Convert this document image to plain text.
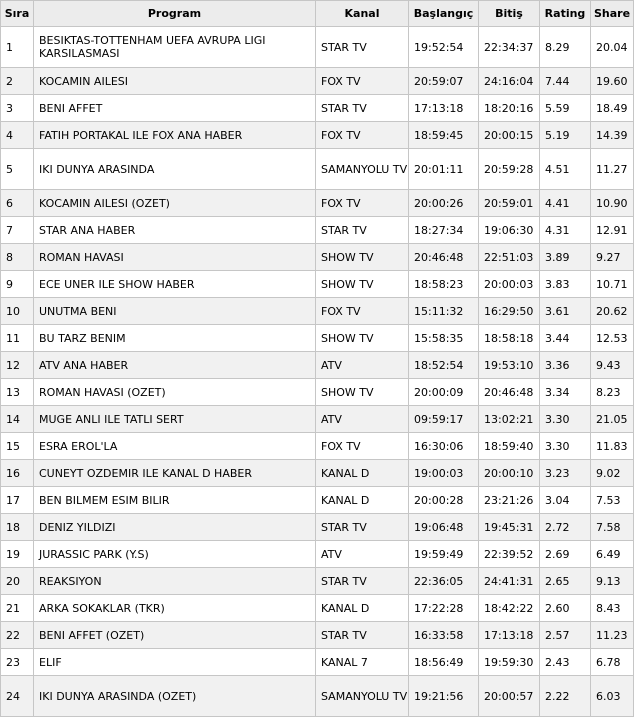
Sıra	Program	Kanal	Başlangıç	Bitiş	Rating	Share
1	BESIKTAS-TOTTENHAM UEFA AVRUPA LIGI KARSILASMASI	STAR TV	19:52:54	22:34:37	8.29	20.04
2	KOCAMIN AILESI	FOX TV	20:59:07	24:16:04	7.44	19.60
3	BENI AFFET	STAR TV	17:13:18	18:20:16	5.59	18.49
4	FATIH PORTAKAL ILE FOX ANA HABER	FOX TV	18:59:45	20:00:15	5.19	14.39
5	IKI DUNYA ARASINDA	SAMANYOLU TV	20:01:11	20:59:28	4.51	11.27
6	KOCAMIN AILESI (OZET)	FOX TV	20:00:26	20:59:01	4.41	10.90
7	STAR ANA HABER	STAR TV	18:27:34	19:06:30	4.31	12.91
8	ROMAN HAVASI	SHOW TV	20:46:48	22:51:03	3.89	9.27
9	ECE UNER ILE SHOW HABER	SHOW TV	18:58:23	20:00:03	3.83	10.71
10	UNUTMA BENI	FOX TV	15:11:32	16:29:50	3.61	20.62
11	BU TARZ BENIM	SHOW TV	15:58:35	18:58:18	3.44	12.53
12	ATV ANA HABER	ATV	18:52:54	19:53:10	3.36	9.43
13	ROMAN HAVASI (OZET)	SHOW TV	20:00:09	20:46:48	3.34	8.23
14	MUGE ANLI ILE TATLI SERT	ATV	09:59:17	13:02:21	3.30	21.05
15	ESRA EROL'LA	FOX TV	16:30:06	18:59:40	3.30	11.83
16	CUNEYT OZDEMIR ILE KANAL D HABER	KANAL D	19:00:03	20:00:10	3.23	9.02
17	BEN BILMEM ESIM BILIR	KANAL D	20:00:28	23:21:26	3.04	7.53
18	DENIZ YILDIZI	STAR TV	19:06:48	19:45:31	2.72	7.58
19	JURASSIC PARK (Y.S)	ATV	19:59:49	22:39:52	2.69	6.49
20	REAKSIYON	STAR TV	22:36:05	24:41:31	2.65	9.13
21	ARKA SOKAKLAR (TKR)	KANAL D	17:22:28	18:42:22	2.60	8.43
22	BENI AFFET (OZET)	STAR TV	16:33:58	17:13:18	2.57	11.23
23	ELIF	KANAL 7	18:56:49	19:59:30	2.43	6.78
24	IKI DUNYA ARASINDA (OZET)	SAMANYOLU TV	19:21:56	20:00:57	2.22	6.03
